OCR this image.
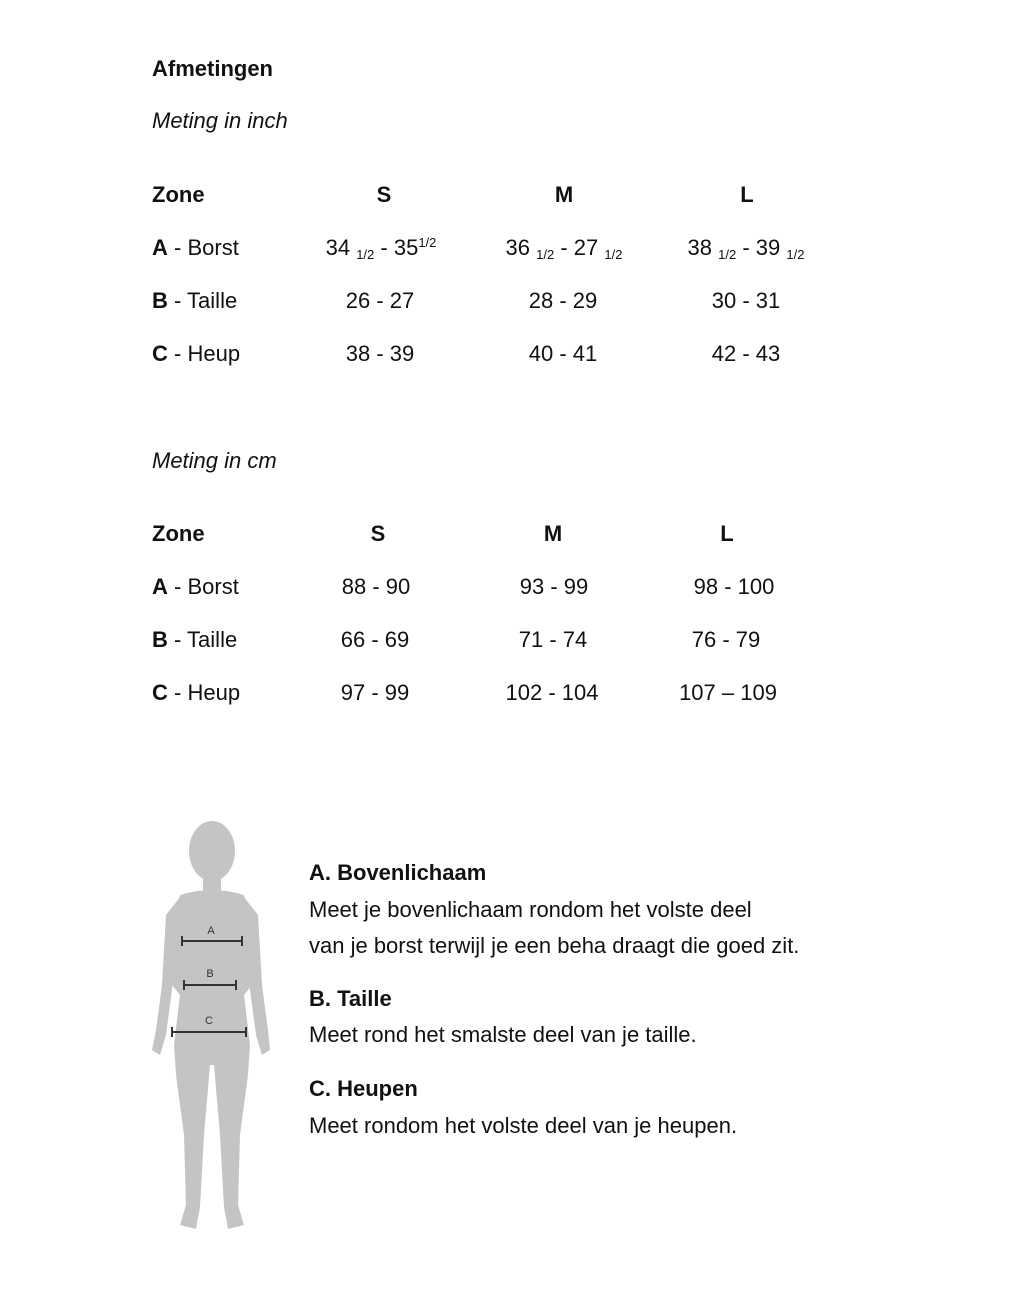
Afmetingen
Meting in inch
Zone	S	M	L
A - Borst	34 $1/2 - 35^{1/2}$	36 1/2 - 27 1/2	38 1/2 - 39 1/2
B - Taille	26 - 27	28 - 29	30 - 31
C - Heup	38 - 39	40 - 41	42 - 43
Meting in cm
Zone	S	M	L
A - Borst	88 - 90	93 - 99	98 - 100
B - Taille	66 - 69	71 - 74	76 - 79
C - Heup	97 - 99	102 - 104	107 – 109
A
B
C
A. Bovenlichaam
Meet je bovenlichaam rondom het volste deel
van je borst terwijl je een beha draagt die goed zit.
B. Taille
Meet rond het smalste deel van je taille.
C. Heupen
Meet rondom het volste deel van je heupen.
